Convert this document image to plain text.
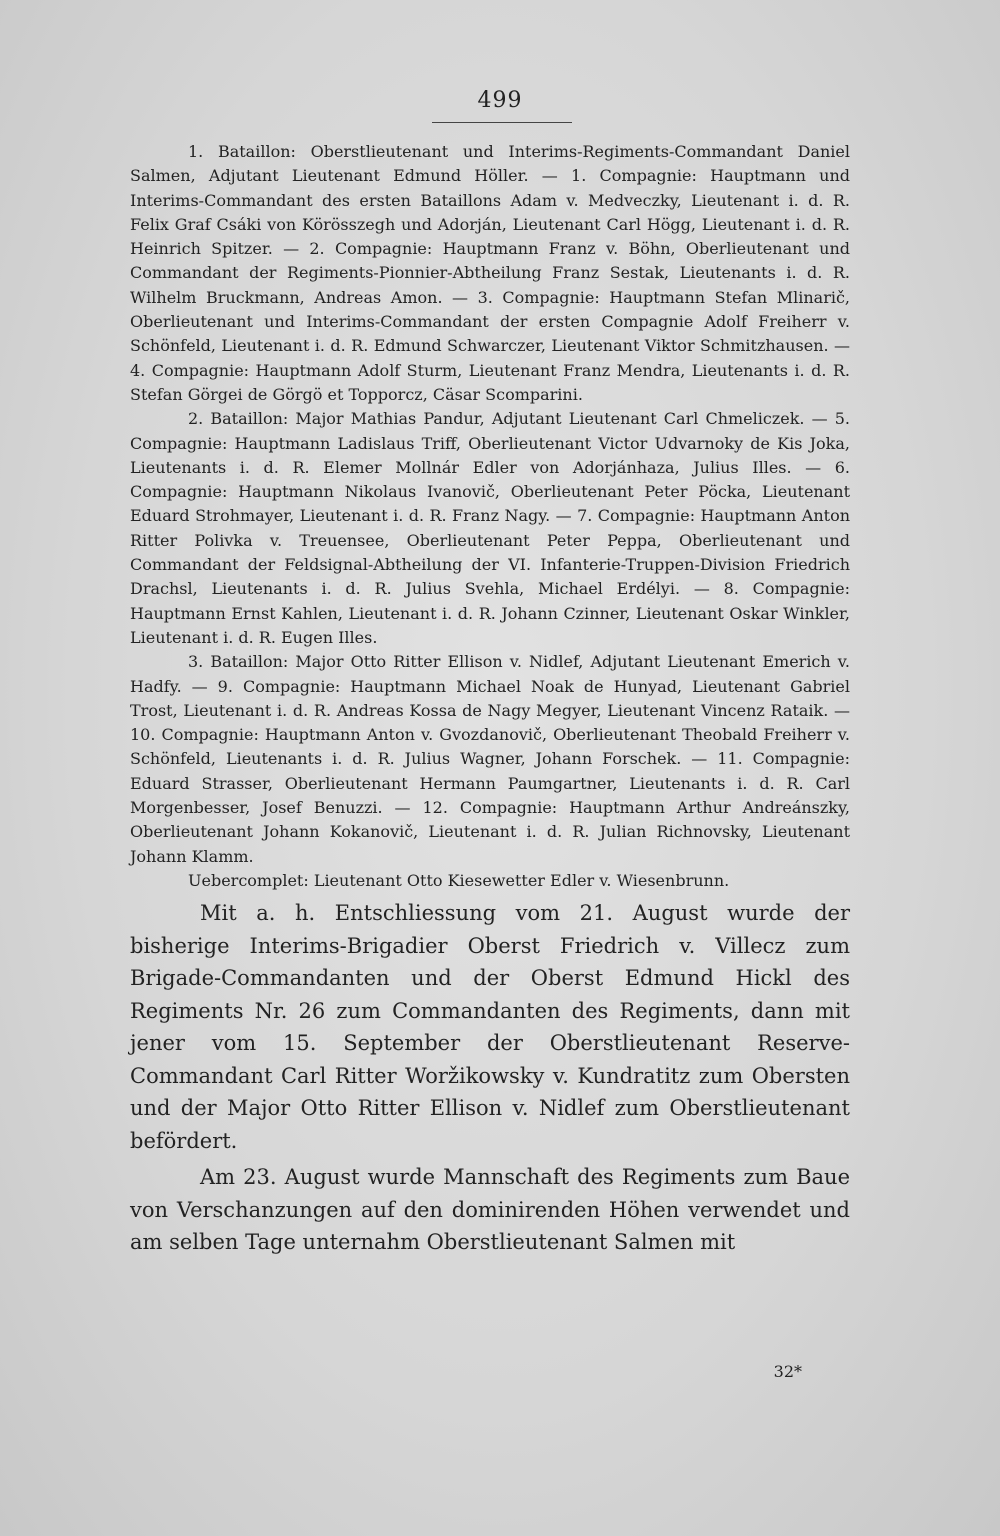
499

1. Bataillon: Oberstlieutenant und Interims-Regiments-Commandant Daniel Salmen, Adjutant Lieutenant Edmund Höller. — 1. Compagnie: Hauptmann und Interims-Commandant des ersten Bataillons Adam v. Medveczky, Lieutenant i. d. R. Felix Graf Csáki von Körösszegh und Adorján, Lieutenant Carl Högg, Lieutenant i. d. R. Heinrich Spitzer. — 2. Compagnie: Hauptmann Franz v. Böhn, Oberlieutenant und Commandant der Regiments-Pionnier-Abtheilung Franz Sestak, Lieutenants i. d. R. Wilhelm Bruckmann, Andreas Amon. — 3. Compagnie: Hauptmann Stefan Mlinarič, Oberlieutenant und Interims-Commandant der ersten Compagnie Adolf Freiherr v. Schönfeld, Lieutenant i. d. R. Edmund Schwarczer, Lieutenant Viktor Schmitzhausen. — 4. Compagnie: Hauptmann Adolf Sturm, Lieutenant Franz Mendra, Lieutenants i. d. R. Stefan Görgei de Görgö et Topporcz, Cäsar Scomparini.

2. Bataillon: Major Mathias Pandur, Adjutant Lieutenant Carl Chmeliczek. — 5. Compagnie: Hauptmann Ladislaus Triff, Oberlieutenant Victor Udvarnoky de Kis Joka, Lieutenants i. d. R. Elemer Mollnár Edler von Adorjánhaza, Julius Illes. — 6. Compagnie: Hauptmann Nikolaus Ivanovič, Oberlieutenant Peter Pöcka, Lieutenant Eduard Strohmayer, Lieutenant i. d. R. Franz Nagy. — 7. Compagnie: Hauptmann Anton Ritter Polivka v. Treuensee, Oberlieutenant Peter Peppa, Oberlieutenant und Commandant der Feldsignal-Abtheilung der VI. Infanterie-Truppen-Division Friedrich Drachsl, Lieutenants i. d. R. Julius Svehla, Michael Erdélyi. — 8. Compagnie: Hauptmann Ernst Kahlen, Lieutenant i. d. R. Johann Czinner, Lieutenant Oskar Winkler, Lieutenant i. d. R. Eugen Illes.

3. Bataillon: Major Otto Ritter Ellison v. Nidlef, Adjutant Lieutenant Emerich v. Hadfy. — 9. Compagnie: Hauptmann Michael Noak de Hunyad, Lieutenant Gabriel Trost, Lieutenant i. d. R. Andreas Kossa de Nagy Megyer, Lieutenant Vincenz Rataik. — 10. Compagnie: Hauptmann Anton v. Gvozdanovič, Oberlieutenant Theobald Freiherr v. Schönfeld, Lieutenants i. d. R. Julius Wagner, Johann Forschek. — 11. Compagnie: Eduard Strasser, Oberlieutenant Hermann Paumgartner, Lieutenants i. d. R. Carl Morgenbesser, Josef Benuzzi. — 12. Compagnie: Hauptmann Arthur Andreánszky, Oberlieutenant Johann Kokanovič, Lieutenant i. d. R. Julian Richnovsky, Lieutenant Johann Klamm.

Uebercomplet: Lieutenant Otto Kiesewetter Edler v. Wiesenbrunn.

Mit a. h. Entschliessung vom 21. August wurde der bisherige Interims-Brigadier Oberst Friedrich v. Villecz zum Brigade-Commandanten und der Oberst Edmund Hickl des Regiments Nr. 26 zum Commandanten des Regiments, dann mit jener vom 15. September der Oberstlieutenant Reserve-Commandant Carl Ritter Woržikowsky v. Kundratitz zum Obersten und der Major Otto Ritter Ellison v. Nidlef zum Oberstlieutenant befördert.

Am 23. August wurde Mannschaft des Regiments zum Baue von Verschanzungen auf den dominirenden Höhen verwendet und am selben Tage unternahm Oberstlieutenant Salmen mit

32*
